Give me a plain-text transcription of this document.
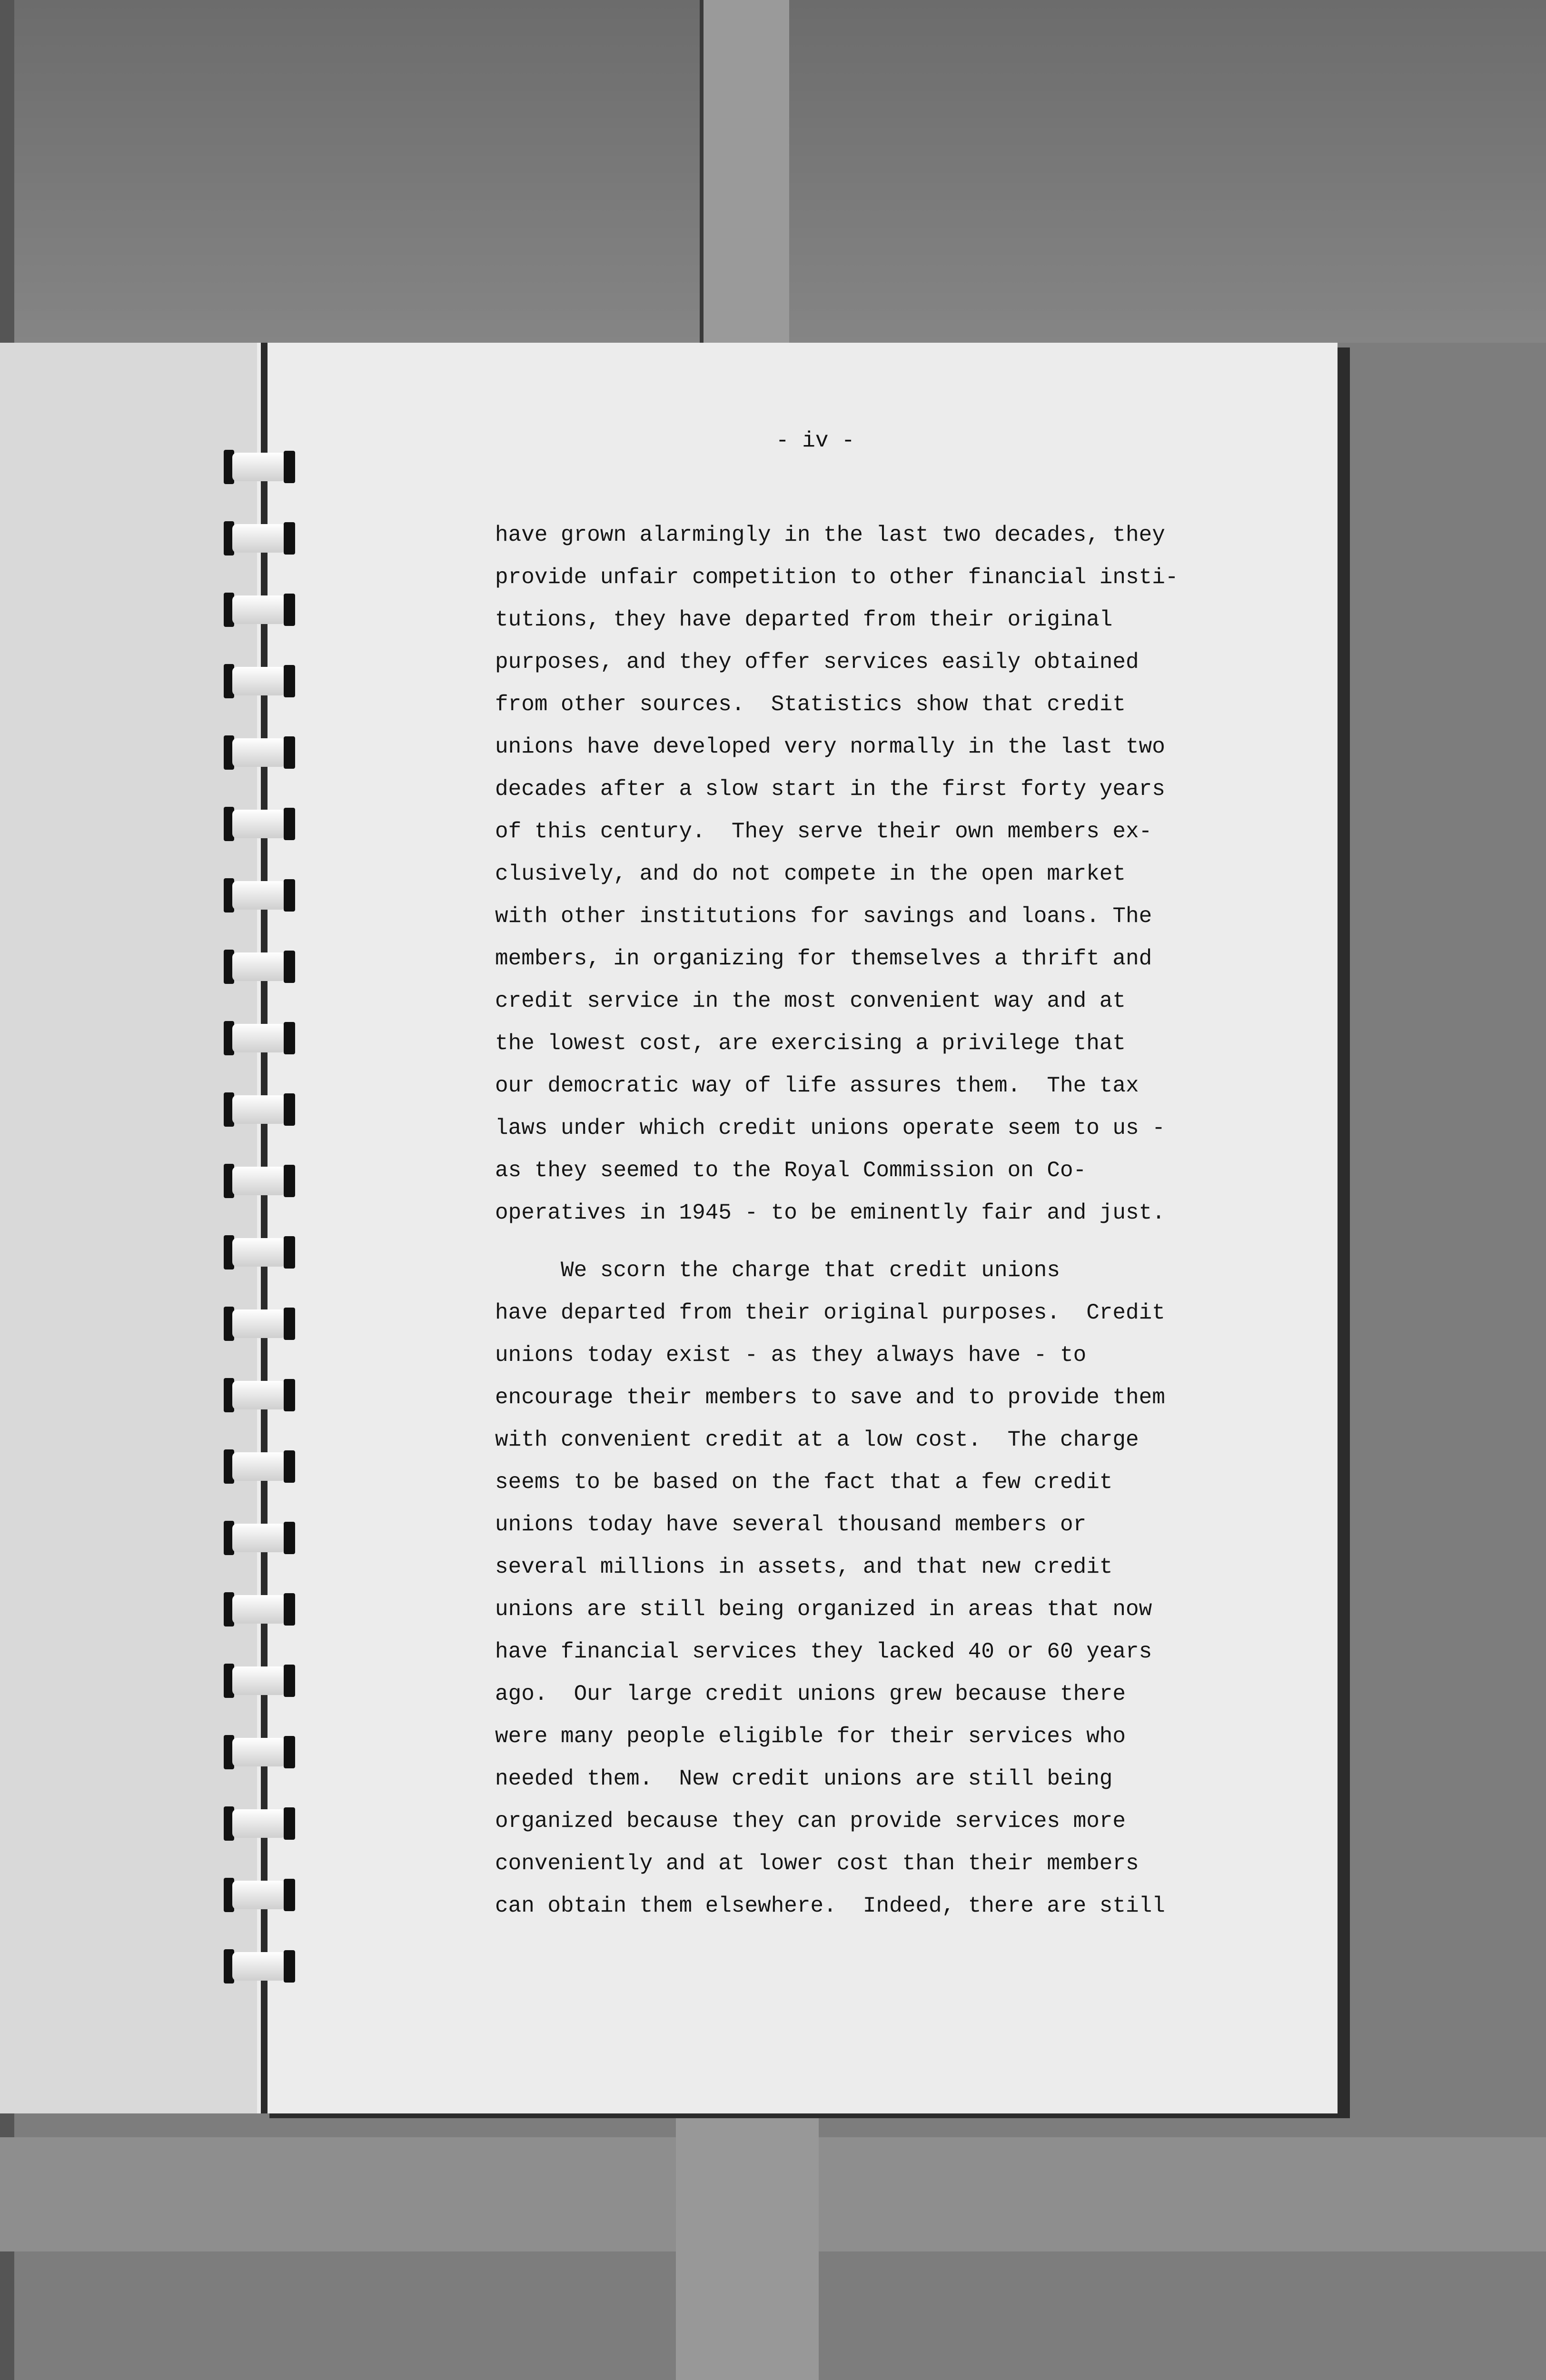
- iv -
have grown alarmingly in the last two decades, they
provide unfair competition to other financial insti-
tutions, they have departed from their original
purposes, and they offer services easily obtained
from other sources.  Statistics show that credit
unions have developed very normally in the last two
decades after a slow start in the first forty years
of this century.  They serve their own members ex-
clusively, and do not compete in the open market
with other institutions for savings and loans. The
members, in organizing for themselves a thrift and
credit service in the most convenient way and at
the lowest cost, are exercising a privilege that
our democratic way of life assures them.  The tax
laws under which credit unions operate seem to us -
as they seemed to the Royal Commission on Co-
operatives in 1945 - to be eminently fair and just.
We scorn the charge that credit unions
have departed from their original purposes.  Credit
unions today exist - as they always have - to
encourage their members to save and to provide them
with convenient credit at a low cost.  The charge
seems to be based on the fact that a few credit
unions today have several thousand members or
several millions in assets, and that new credit
unions are still being organized in areas that now
have financial services they lacked 40 or 60 years
ago.  Our large credit unions grew because there
were many people eligible for their services who
needed them.  New credit unions are still being
organized because they can provide services more
conveniently and at lower cost than their members
can obtain them elsewhere.  Indeed, there are still
